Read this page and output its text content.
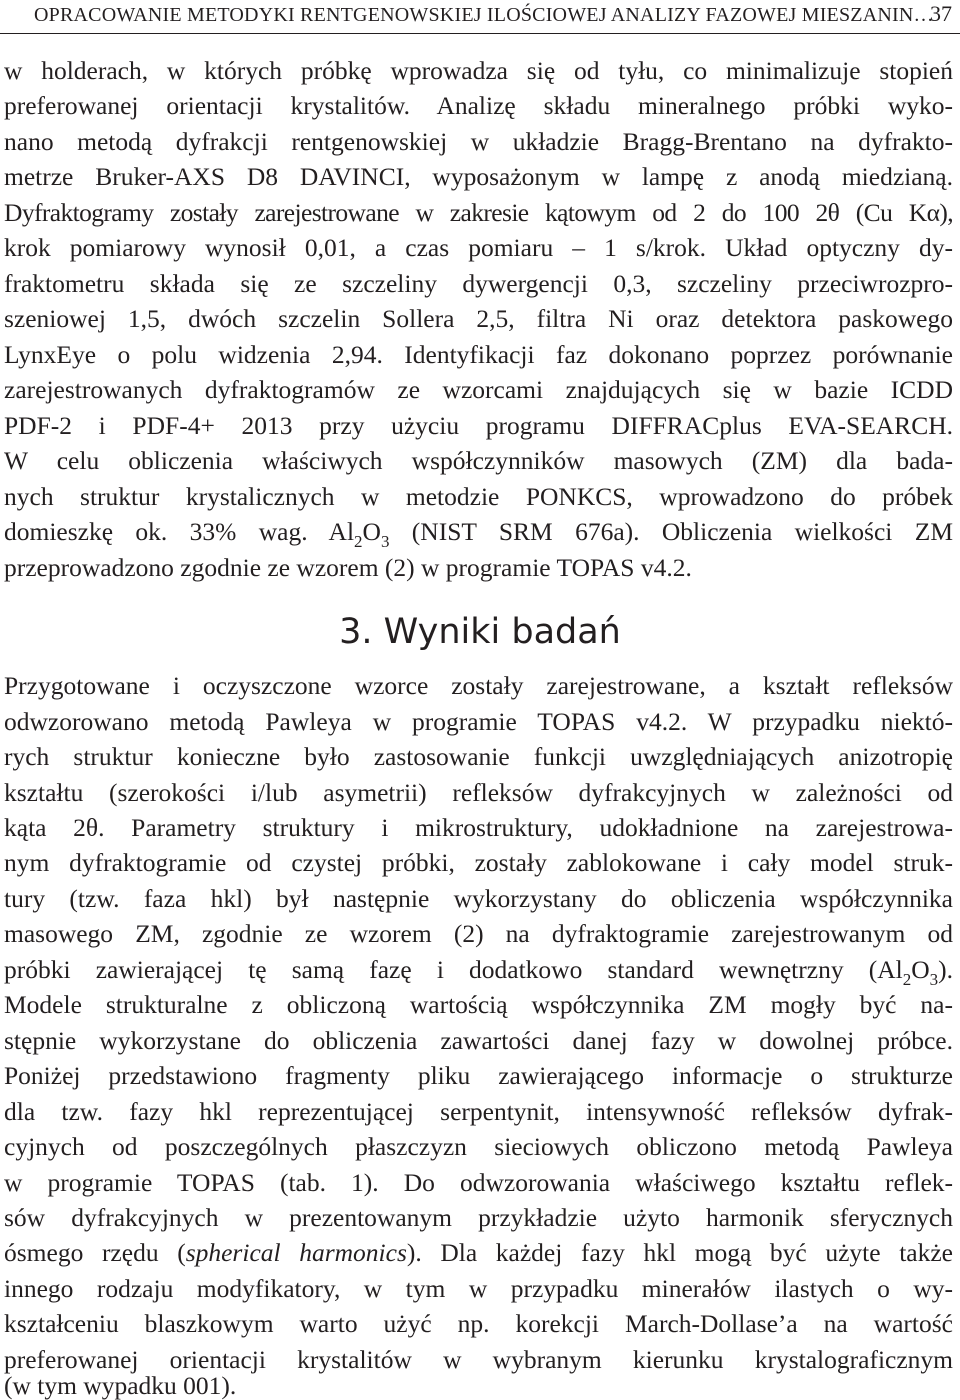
OPRACOWANIE METODYKI RENTGENOWSKIEJ ILOŚCIOWEJ ANALIZY FAZOWEJ MIESZANIN…
37
w holderach, w których próbkę wprowadza się od tyłu, co minimalizuje stopień
preferowanej orientacji krystalitów. Analizę składu mineralnego próbki wyko-
nano metodą dyfrakcji rentgenowskiej w układzie Bragg-Brentano na dyfrakto-
metrze Bruker-AXS D8 DAVINCI, wyposażonym w lampę z anodą miedzianą.
Dyfraktogramy zostały zarejestrowane w zakresie kątowym od 2 do 100 2θ (Cu Kα),
krok pomiarowy wynosił 0,01, a czas pomiaru – 1 s/krok. Układ optyczny dy-
fraktometru składa się ze szczeliny dywergencji 0,3, szczeliny przeciwrozpro-
szeniowej 1,5, dwóch szczelin Sollera 2,5, filtra Ni oraz detektora paskowego
LynxEye o polu widzenia 2,94. Identyfikacji faz dokonano poprzez porównanie
zarejestrowanych dyfraktogramów ze wzorcami znajdujących się w bazie ICDD
PDF-2 i PDF-4+ 2013 przy użyciu programu DIFFRACplus EVA-SEARCH.
W celu obliczenia właściwych współczynników masowych (ZM) dla bada-
nych struktur krystalicznych w metodzie PONKCS, wprowadzono do próbek
domieszkę ok. 33% wag. $Al_2O_3$ (NIST SRM 676a). Obliczenia wielkości ZM
przeprowadzono zgodnie ze wzorem (2) w programie TOPAS v4.2.
3. Wyniki badań
Przygotowane i oczyszczone wzorce zostały zarejestrowane, a kształt refleksów
odwzorowano metodą Pawleya w programie TOPAS v4.2. W przypadku niektó-
rych struktur konieczne było zastosowanie funkcji uwzględniających anizotropię
kształtu (szerokości i/lub asymetrii) refleksów dyfrakcyjnych w zależności od
kąta 2θ. Parametry struktury i mikrostruktury, udokładnione na zarejestrowa-
nym dyfraktogramie od czystej próbki, zostały zablokowane i cały model struk-
tury (tzw. faza hkl) był następnie wykorzystany do obliczenia współczynnika
masowego ZM, zgodnie ze wzorem (2) na dyfraktogramie zarejestrowanym od
próbki zawierającej tę samą fazę i dodatkowo standard wewnętrzny $(Al_2O_3)$.
Modele strukturalne z obliczoną wartością współczynnika ZM mogły być na-
stępnie wykorzystane do obliczenia zawartości danej fazy w dowolnej próbce.
Poniżej przedstawiono fragmenty pliku zawierającego informacje o strukturze
dla tzw. fazy hkl reprezentującej serpentynit, intensywność refleksów dyfrak-
cyjnych od poszczególnych płaszczyzn sieciowych obliczono metodą Pawleya
w programie TOPAS (tab. 1). Do odwzorowania właściwego kształtu reflek-
sów dyfrakcyjnych w prezentowanym przykładzie użyto harmonik sferycznych
ósmego rzędu (spherical harmonics). Dla każdej fazy hkl mogą być użyte także
innego rodzaju modyfikatory, w tym w przypadku minerałów ilastych o wy-
kształceniu blaszkowym warto użyć np. korekcji March-Dollase’a na wartość
preferowanej orientacji krystalitów w wybranym kierunku krystalograficznym
(w tym wypadku 001).
